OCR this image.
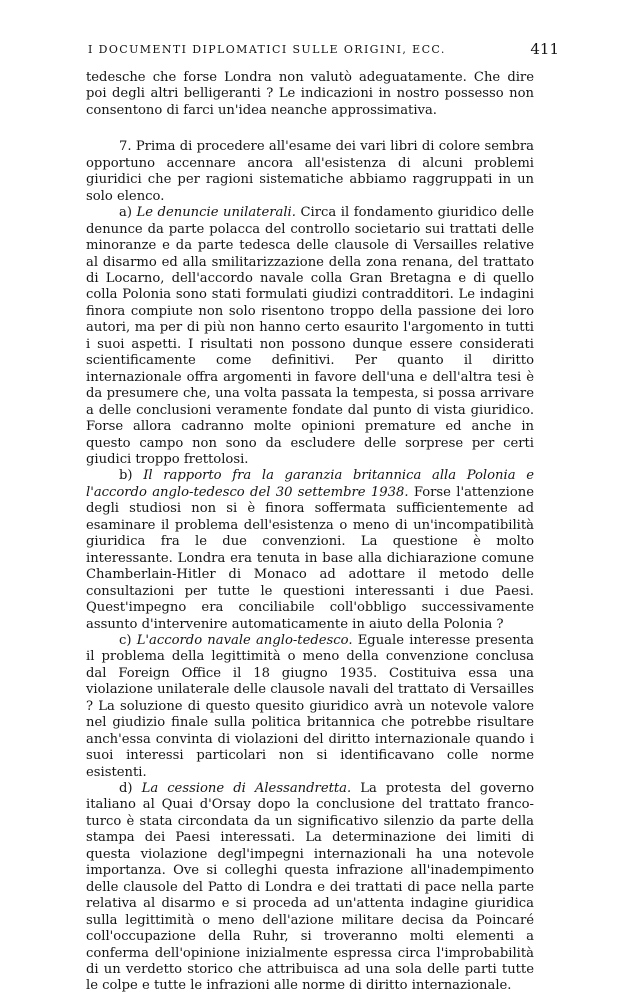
I DOCUMENTI DIPLOMATICI SULLE ORIGINI, ECC.	411

tedesche che forse Londra non valutò adeguatamente. Che dire poi degli altri belligeranti ? Le indicazioni in nostro possesso non consentono di farci un'idea neanche approssimativa.

7. Prima di procedere all'esame dei vari libri di colore sembra opportuno accennare ancora all'esistenza di alcuni problemi giuridici che per ragioni sistematiche abbiamo raggruppati in un solo elenco.

a) Le denuncie unilaterali. Circa il fondamento giuridico delle denunce da parte polacca del controllo societario sui trattati delle minoranze e da parte tedesca delle clausole di Versailles relative al disarmo ed alla smilitarizzazione della zona renana, del trattato di Locarno, dell'accordo navale colla Gran Bretagna e di quello colla Polonia sono stati formulati giudizi contradditori. Le indagini finora compiute non solo risentono troppo della passione dei loro autori, ma per di più non hanno certo esaurito l'argomento in tutti i suoi aspetti. I risultati non possono dunque essere considerati scientificamente come definitivi. Per quanto il diritto internazionale offra argomenti in favore dell'una e dell'altra tesi è da presumere che, una volta passata la tempesta, si possa arrivare a delle conclusioni veramente fondate dal punto di vista giuridico. Forse allora cadranno molte opinioni premature ed anche in questo campo non sono da escludere delle sorprese per certi giudici troppo frettolosi.

b) Il rapporto fra la garanzia britannica alla Polonia e l'accordo anglo-tedesco del 30 settembre 1938. Forse l'attenzione degli studiosi non si è finora soffermata sufficientemente ad esaminare il problema dell'esistenza o meno di un'incompatibilità giuridica fra le due convenzioni. La questione è molto interessante. Londra era tenuta in base alla dichiarazione comune Chamberlain-Hitler di Monaco ad adottare il metodo delle consultazioni per tutte le questioni interessanti i due Paesi. Quest'impegno era conciliabile coll'obbligo successivamente assunto d'intervenire automaticamente in aiuto della Polonia ?

c) L'accordo navale anglo-tedesco. Eguale interesse presenta il problema della legittimità o meno della convenzione conclusa dal Foreign Office il 18 giugno 1935. Costituiva essa una violazione unilaterale delle clausole navali del trattato di Versailles ? La soluzione di questo quesito giuridico avrà un notevole valore nel giudizio finale sulla politica britannica che potrebbe risultare anch'essa convinta di violazioni del diritto internazionale quando i suoi interessi particolari non si identificavano colle norme esistenti.

d) La cessione di Alessandretta. La protesta del governo italiano al Quai d'Orsay dopo la conclusione del trattato franco-turco è stata circondata da un significativo silenzio da parte della stampa dei Paesi interessati. La determinazione dei limiti di questa violazione degl'impegni internazionali ha una notevole importanza. Ove si colleghi questa infrazione all'inadempimento delle clausole del Patto di Londra e dei trattati di pace nella parte relativa al disarmo e si proceda ad un'attenta indagine giuridica sulla legittimità o meno dell'azione militare decisa da Poincaré coll'occupazione della Ruhr, si troveranno molti elementi a conferma dell'opinione inizialmente espressa circa l'improbabilità di un verdetto storico che attribuisca ad una sola delle parti tutte le colpe e tutte le infrazioni alle norme di diritto internazionale.
